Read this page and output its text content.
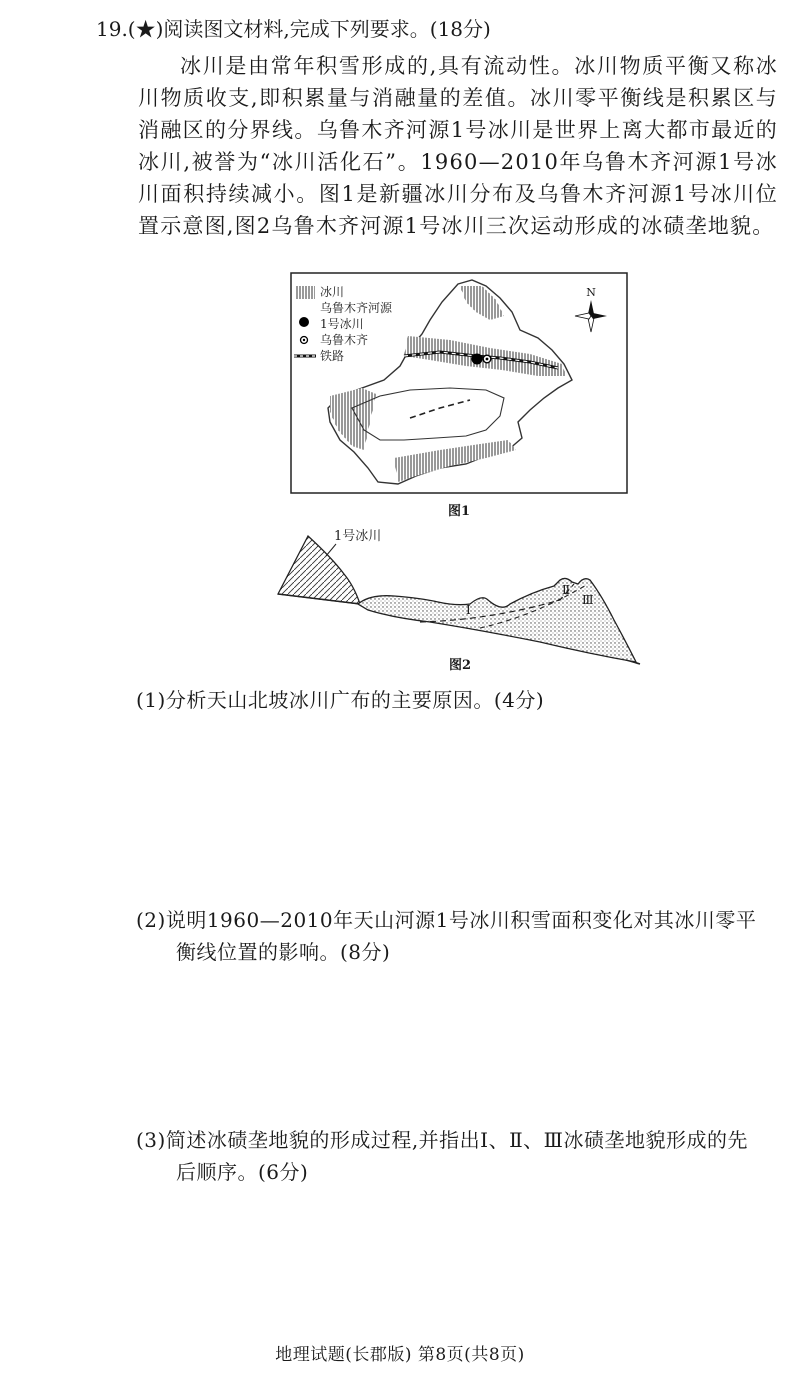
19.(★)阅读图文材料,完成下列要求。(18分)
冰川是由常年积雪形成的,具有流动性。冰川物质平衡又称冰川物质收支,即积累量与消融量的差值。冰川零平衡线是积累区与消融区的分界线。乌鲁木齐河源1号冰川是世界上离大都市最近的冰川,被誉为“冰川活化石”。1960—2010年乌鲁木齐河源1号冰川面积持续减小。图1是新疆冰川分布及乌鲁木齐河源1号冰川位置示意图,图2乌鲁木齐河源1号冰川三次运动形成的冰碛垄地貌。
N
冰川
乌鲁木齐河源
1号冰川
乌鲁木齐
铁路
图1
1号冰川
Ⅰ
Ⅱ
Ⅲ
图2
(1)分析天山北坡冰川广布的主要原因。(4分)
(2)说明1960—2010年天山河源1号冰川积雪面积变化对其冰川零平
衡线位置的影响。(8分)
(3)简述冰碛垄地貌的形成过程,并指出Ⅰ、Ⅱ、Ⅲ冰碛垄地貌形成的先
后顺序。(6分)
地理试题(长郡版) 第8页(共8页)
